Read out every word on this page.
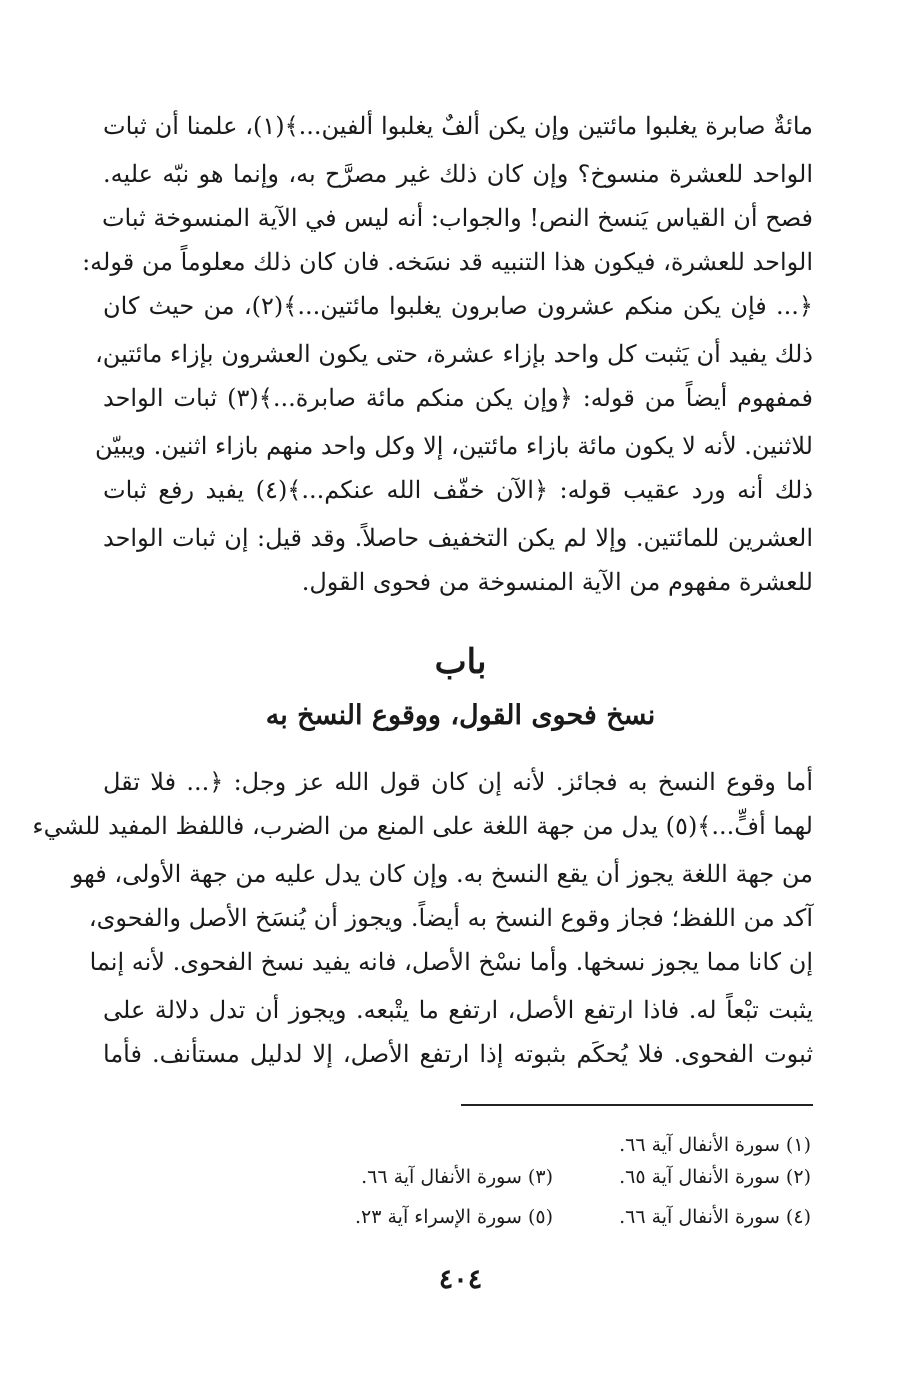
مائةٌ صابرة يغلبوا مائتين وإن يكن ألفٌ يغلبوا ألفين...﴾(١)، علمنا أن ثبات
الواحد للعشرة منسوخ؟ وإن كان ذلك غير مصرَّح به، وإنما هو نبّه عليه.
فصح أن القياس يَنسخ النص! والجواب: أنه ليس في الآية المنسوخة ثبات
الواحد للعشرة، فيكون هذا التنبيه قد نسَخه. فان كان ذلك معلوماً من قوله:
﴿... فإن يكن منكم عشرون صابرون يغلبوا مائتين...﴾(٢)، من حيث كان
ذلك يفيد أن يَثبت كل واحد بإزاء عشرة، حتى يكون العشرون بإزاء مائتين،
فمفهوم أيضاً من قوله: ﴿وإن يكن منكم مائة صابرة...﴾(٣) ثبات الواحد
للاثنين. لأنه لا يكون مائة بازاء مائتين، إلا وكل واحد منهم بازاء اثنين. ويبيّن
ذلك أنه ورد عقيب قوله: ﴿الآن خفّف الله عنكم...﴾(٤) يفيد رفع ثبات
العشرين للمائتين. وإلا لم يكن التخفيف حاصلاً. وقد قيل: إن ثبات الواحد
للعشرة مفهوم من الآية المنسوخة من فحوى القول.
باب
نسخ فحوى القول، ووقوع النسخ به
أما وقوع النسخ به فجائز. لأنه إن كان قول الله عز وجل: ﴿... فلا تقل
لهما أفٍّ...﴾(٥) يدل من جهة اللغة على المنع من الضرب، فاللفظ المفيد للشيء
من جهة اللغة يجوز أن يقع النسخ به. وإن كان يدل عليه من جهة الأولى، فهو
آكد من اللفظ؛ فجاز وقوع النسخ به أيضاً. ويجوز أن يُنسَخ الأصل والفحوى،
إن كانا مما يجوز نسخها. وأما نسْخ الأصل، فانه يفيد نسخ الفحوى. لأنه إنما
يثبت تبْعاً له. فاذا ارتفع الأصل، ارتفع ما يتْبعه. ويجوز أن تدل دلالة على
ثبوت الفحوى. فلا يُحكَم بثبوته إذا ارتفع الأصل، إلا لدليل مستأنف. فأما
(١) سورة الأنفال آية ٦٦.
(٢) سورة الأنفال آية ٦٥.
(٣) سورة الأنفال آية ٦٦.
(٤) سورة الأنفال آية ٦٦.
(٥) سورة الإسراء آية ٢٣.
٤٠٤
